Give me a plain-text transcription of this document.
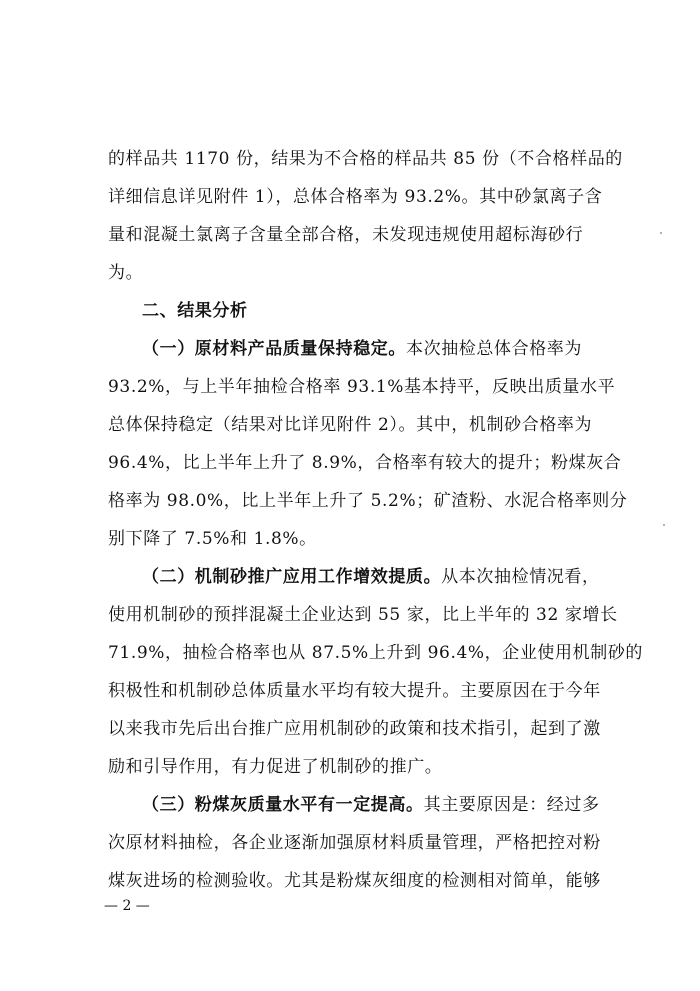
的样品共 1170 份，结果为不合格的样品共 85 份（不合格样品的
详细信息详见附件 1），总体合格率为 93.2%。其中砂氯离子含
量和混凝土氯离子含量全部合格，未发现违规使用超标海砂行
为。
二、结果分析
（一）原材料产品质量保持稳定。本次抽检总体合格率为
93.2%，与上半年抽检合格率 93.1%基本持平，反映出质量水平
总体保持稳定（结果对比详见附件 2）。其中，机制砂合格率为
96.4%，比上半年上升了 8.9%，合格率有较大的提升；粉煤灰合
格率为 98.0%，比上半年上升了 5.2%；矿渣粉、水泥合格率则分
别下降了 7.5%和 1.8%。
（二）机制砂推广应用工作增效提质。从本次抽检情况看，
使用机制砂的预拌混凝土企业达到 55 家，比上半年的 32 家增长
71.9%，抽检合格率也从 87.5%上升到 96.4%，企业使用机制砂的
积极性和机制砂总体质量水平均有较大提升。主要原因在于今年
以来我市先后出台推广应用机制砂的政策和技术指引，起到了激
励和引导作用，有力促进了机制砂的推广。
（三）粉煤灰质量水平有一定提高。其主要原因是：经过多
次原材料抽检，各企业逐渐加强原材料质量管理，严格把控对粉
煤灰进场的检测验收。尤其是粉煤灰细度的检测相对简单，能够
— 2 —
